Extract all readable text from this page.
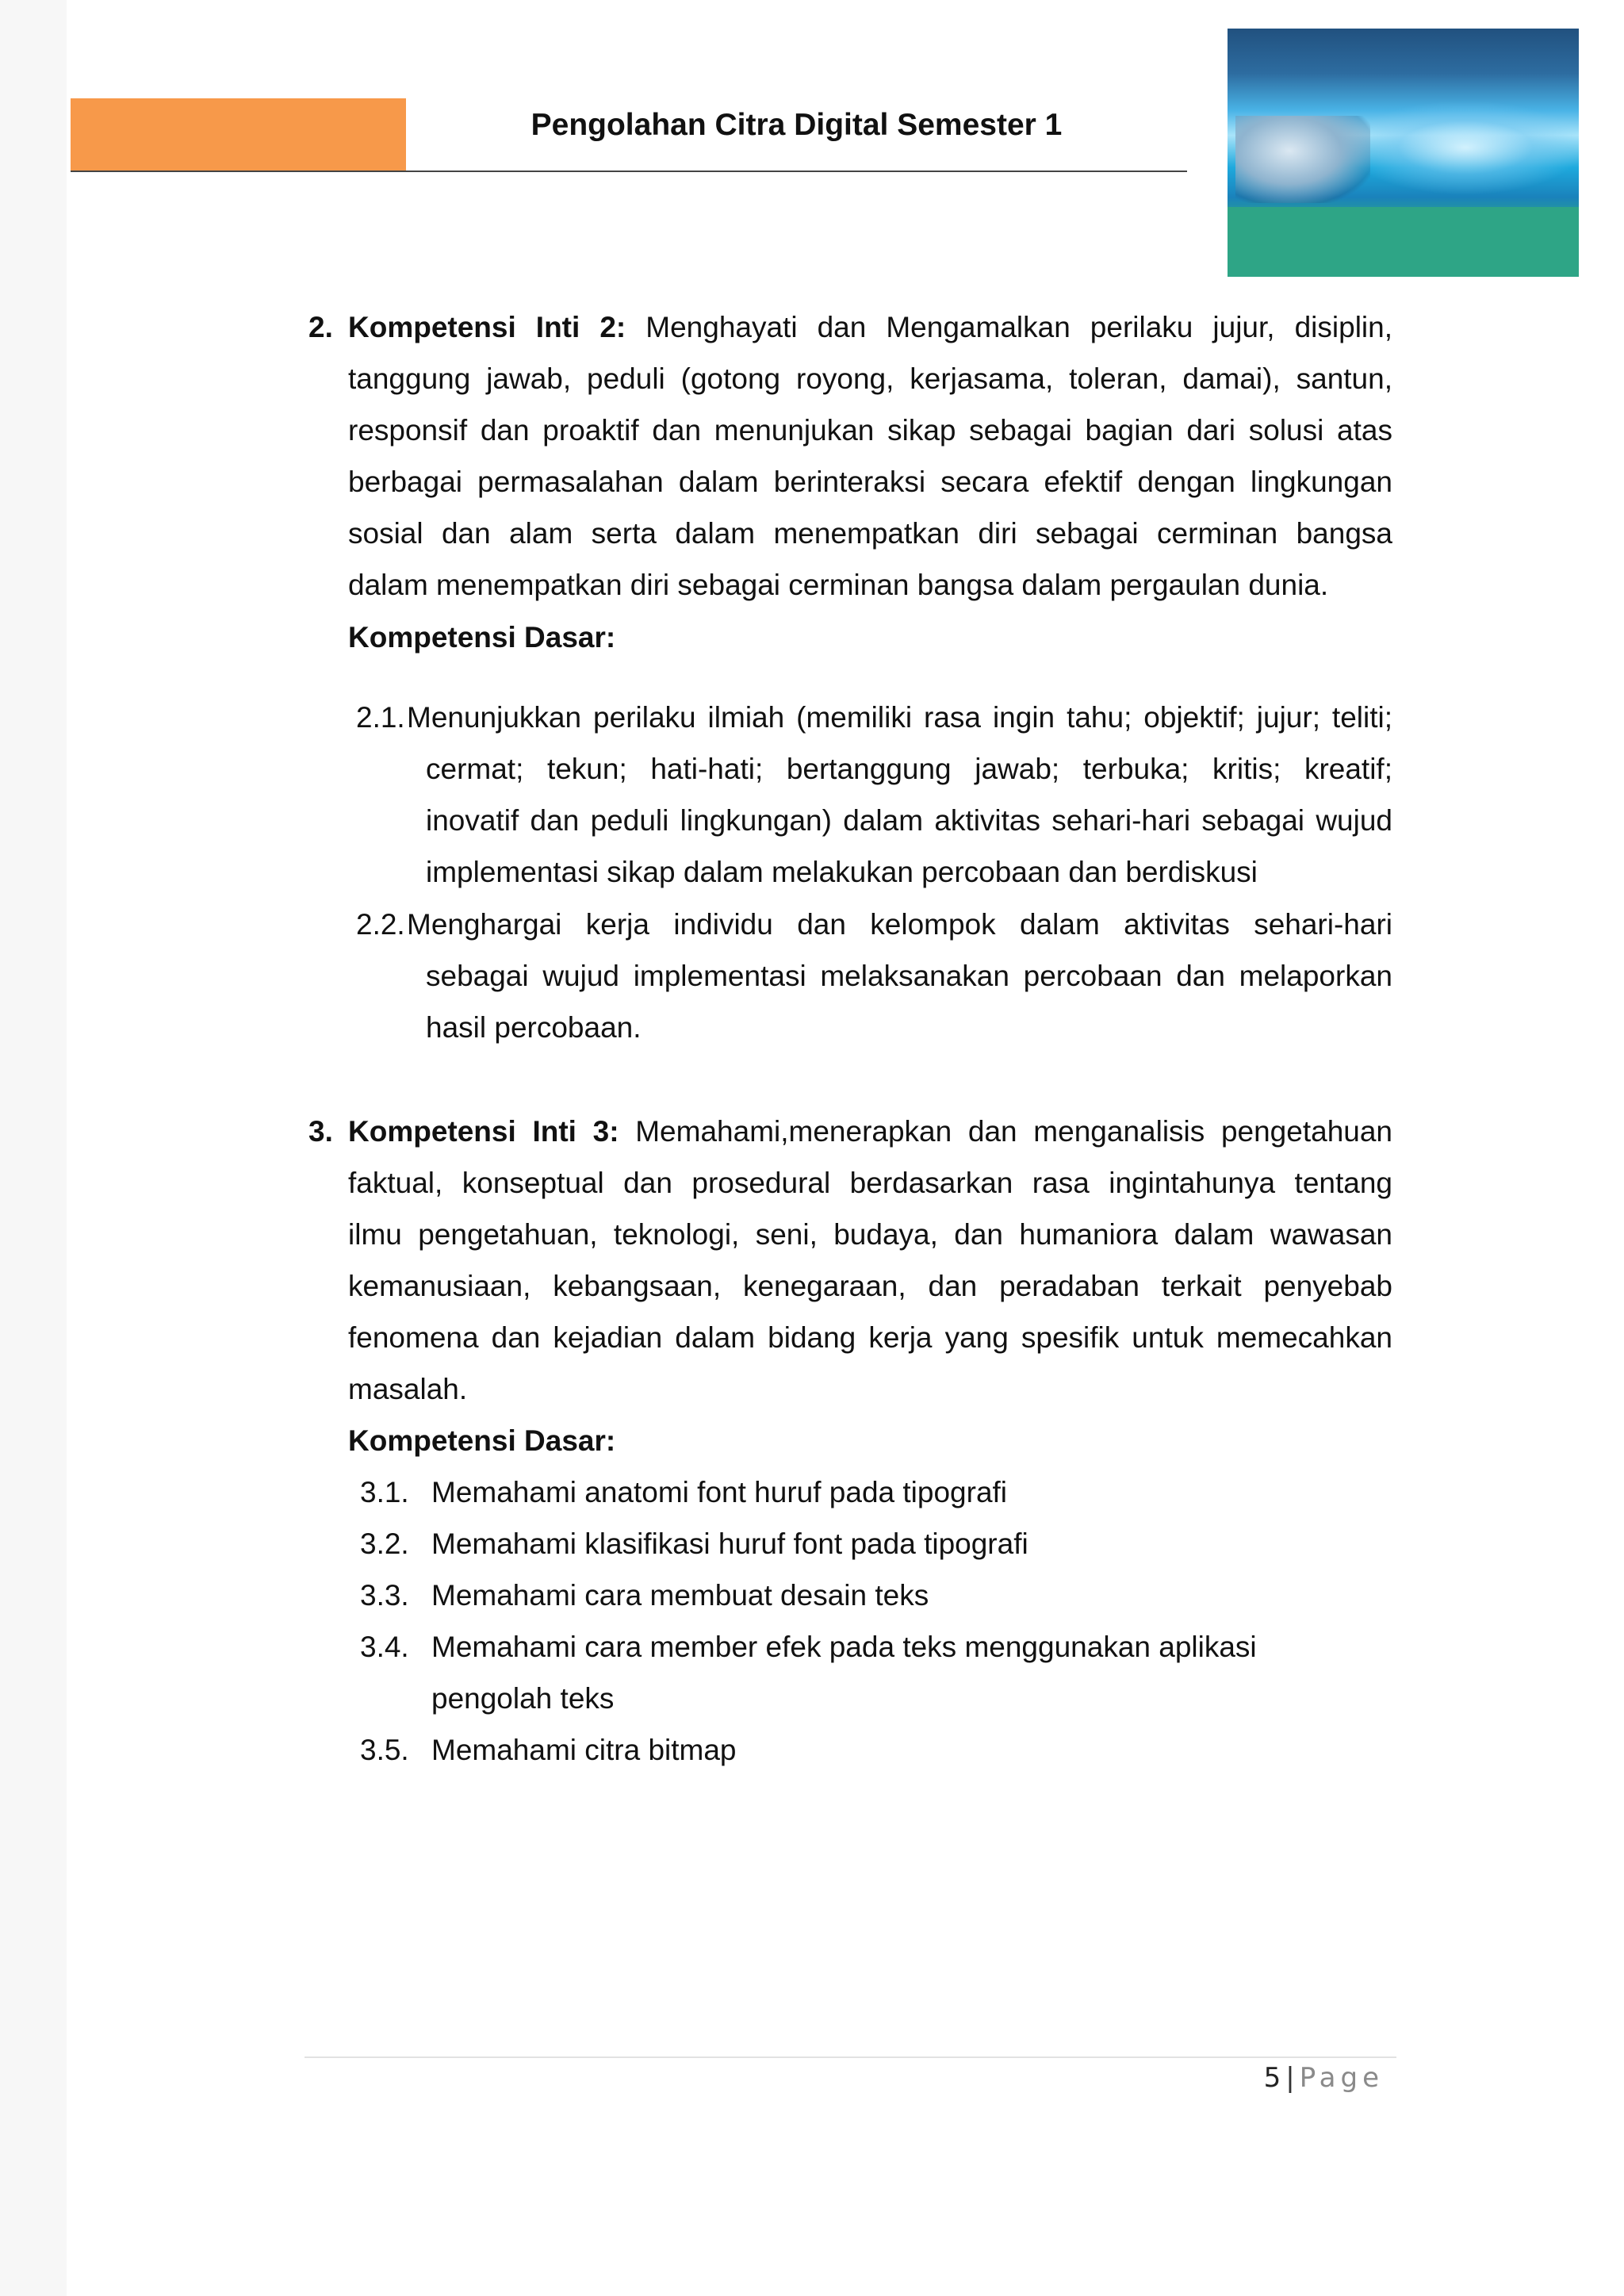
Pengolahan Citra Digital Semester 1
2. Kompetensi Inti 2: Menghayati dan Mengamalkan perilaku jujur, disiplin,
tanggung jawab, peduli (gotong royong, kerjasama, toleran, damai), santun,
responsif dan proaktif dan menunjukan sikap sebagai bagian dari solusi atas
berbagai permasalahan dalam berinteraksi secara efektif dengan lingkungan
sosial dan alam serta dalam menempatkan diri sebagai cerminan bangsa
dalam menempatkan diri sebagai cerminan bangsa dalam pergaulan dunia.
Kompetensi Dasar:
2.1. Menunjukkan perilaku ilmiah (memiliki rasa ingin tahu; objektif; jujur; teliti;
cermat; tekun; hati-hati; bertanggung jawab; terbuka; kritis; kreatif;
inovatif dan peduli lingkungan) dalam aktivitas sehari-hari sebagai wujud
implementasi sikap dalam melakukan percobaan dan berdiskusi
2.2. Menghargai kerja individu dan kelompok dalam aktivitas sehari-hari
sebagai wujud implementasi melaksanakan percobaan dan melaporkan
hasil percobaan.
3. Kompetensi Inti 3: Memahami,menerapkan dan menganalisis pengetahuan
faktual, konseptual dan prosedural berdasarkan rasa ingintahunya tentang
ilmu pengetahuan, teknologi, seni, budaya, dan humaniora dalam wawasan
kemanusiaan, kebangsaan, kenegaraan, dan peradaban terkait penyebab
fenomena dan kejadian dalam bidang kerja yang spesifik untuk memecahkan
masalah.
Kompetensi Dasar:
3.1. Memahami anatomi font huruf pada tipografi
3.2. Memahami klasifikasi huruf font pada tipografi
3.3. Memahami cara membuat desain teks
3.4. Memahami cara member efek pada teks menggunakan aplikasi
pengolah teks
3.5. Memahami citra bitmap
5 | Page
